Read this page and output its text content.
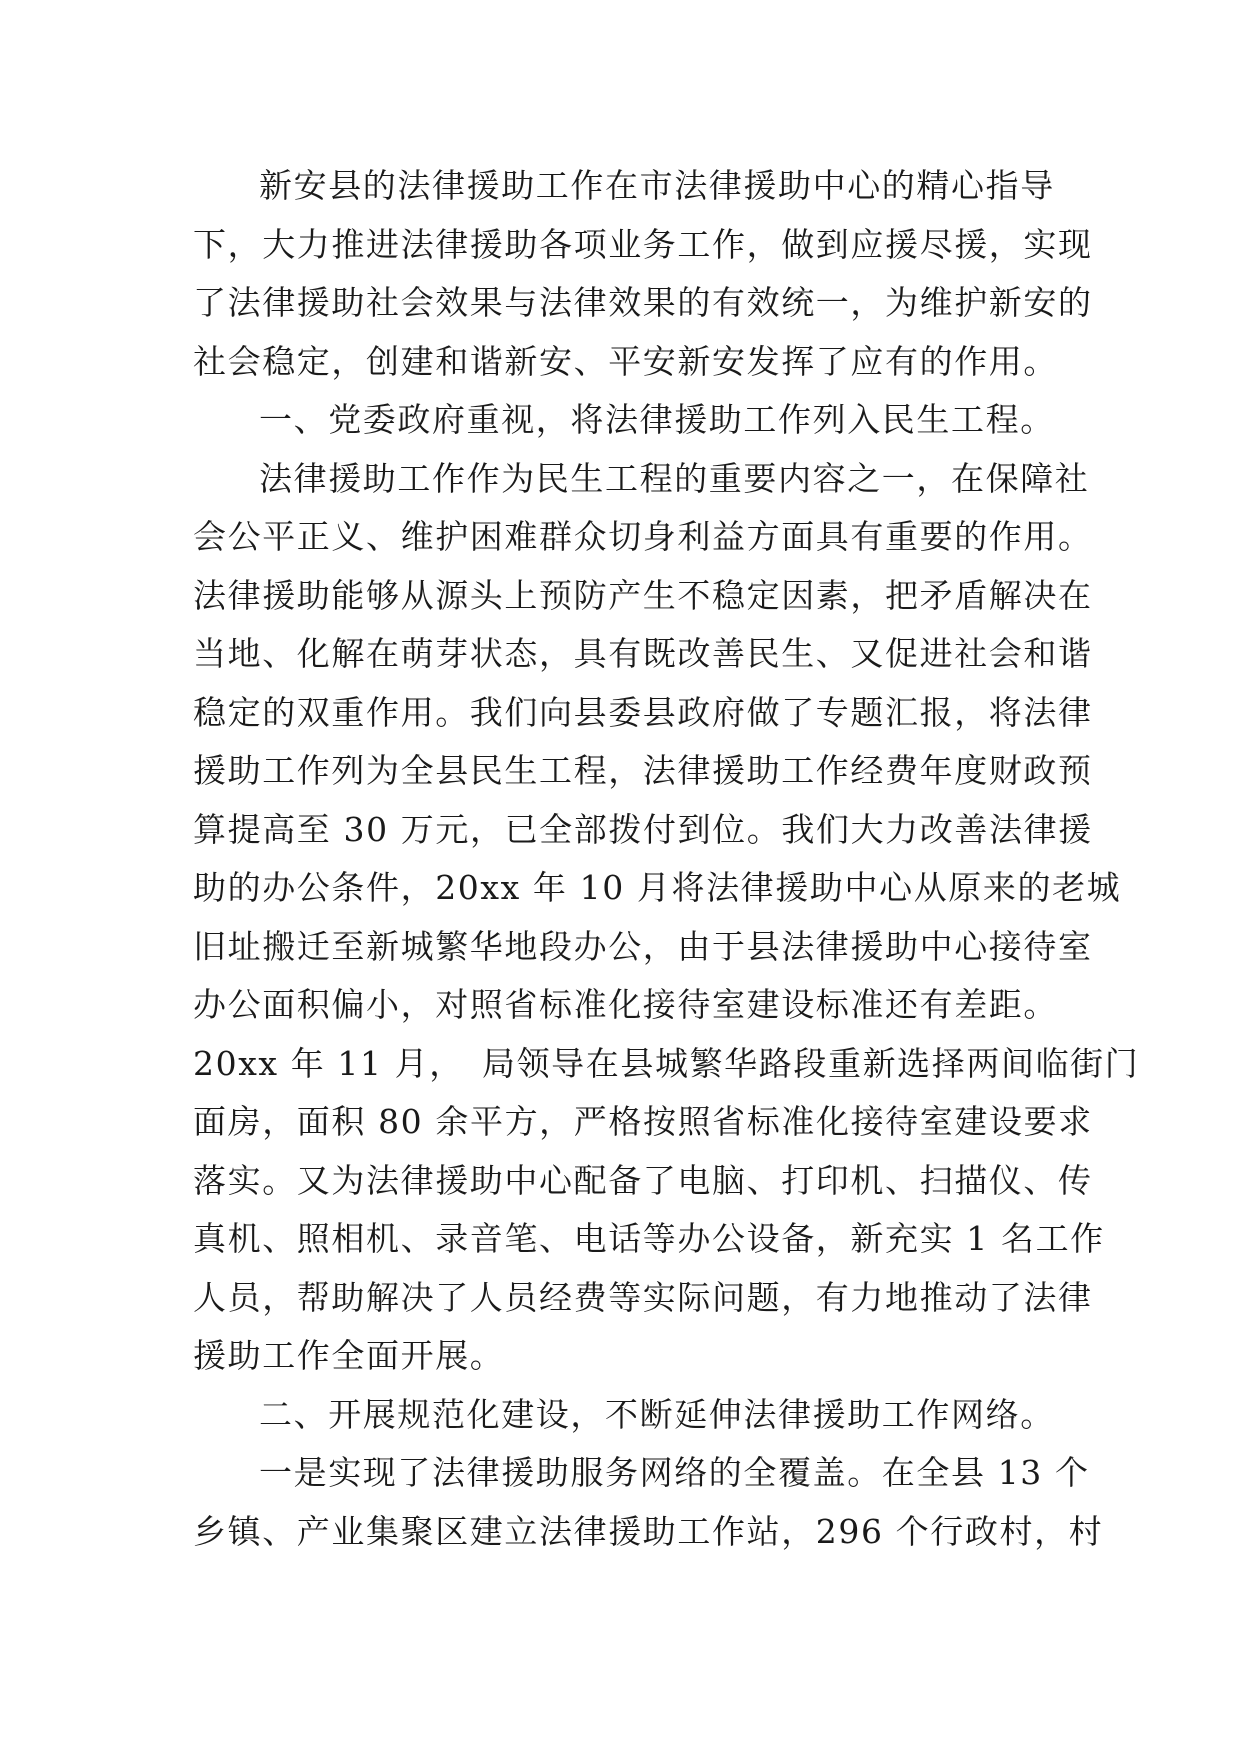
新安县的法律援助工作在市法律援助中心的精心指导
下，大力推进法律援助各项业务工作，做到应援尽援，实现
了法律援助社会效果与法律效果的有效统一，为维护新安的
社会稳定，创建和谐新安、平安新安发挥了应有的作用。
一、党委政府重视，将法律援助工作列入民生工程。
法律援助工作作为民生工程的重要内容之一，在保障社
会公平正义、维护困难群众切身利益方面具有重要的作用。
法律援助能够从源头上预防产生不稳定因素，把矛盾解决在
当地、化解在萌芽状态，具有既改善民生、又促进社会和谐
稳定的双重作用。我们向县委县政府做了专题汇报，将法律
援助工作列为全县民生工程，法律援助工作经费年度财政预
算提高至 30 万元，已全部拨付到位。我们大力改善法律援
助的办公条件，20xx 年 10 月将法律援助中心从原来的老城
旧址搬迁至新城繁华地段办公，由于县法律援助中心接待室
办公面积偏小，对照省标准化接待室建设标准还有差距。
20xx 年 11 月，　局领导在县城繁华路段重新选择两间临街门
面房，面积 80 余平方，严格按照省标准化接待室建设要求
落实。又为法律援助中心配备了电脑、打印机、扫描仪、传
真机、照相机、录音笔、电话等办公设备，新充实 1 名工作
人员，帮助解决了人员经费等实际问题，有力地推动了法律
援助工作全面开展。
二、开展规范化建设，不断延伸法律援助工作网络。
一是实现了法律援助服务网络的全覆盖。在全县 13 个
乡镇、产业集聚区建立法律援助工作站，296 个行政村，村
